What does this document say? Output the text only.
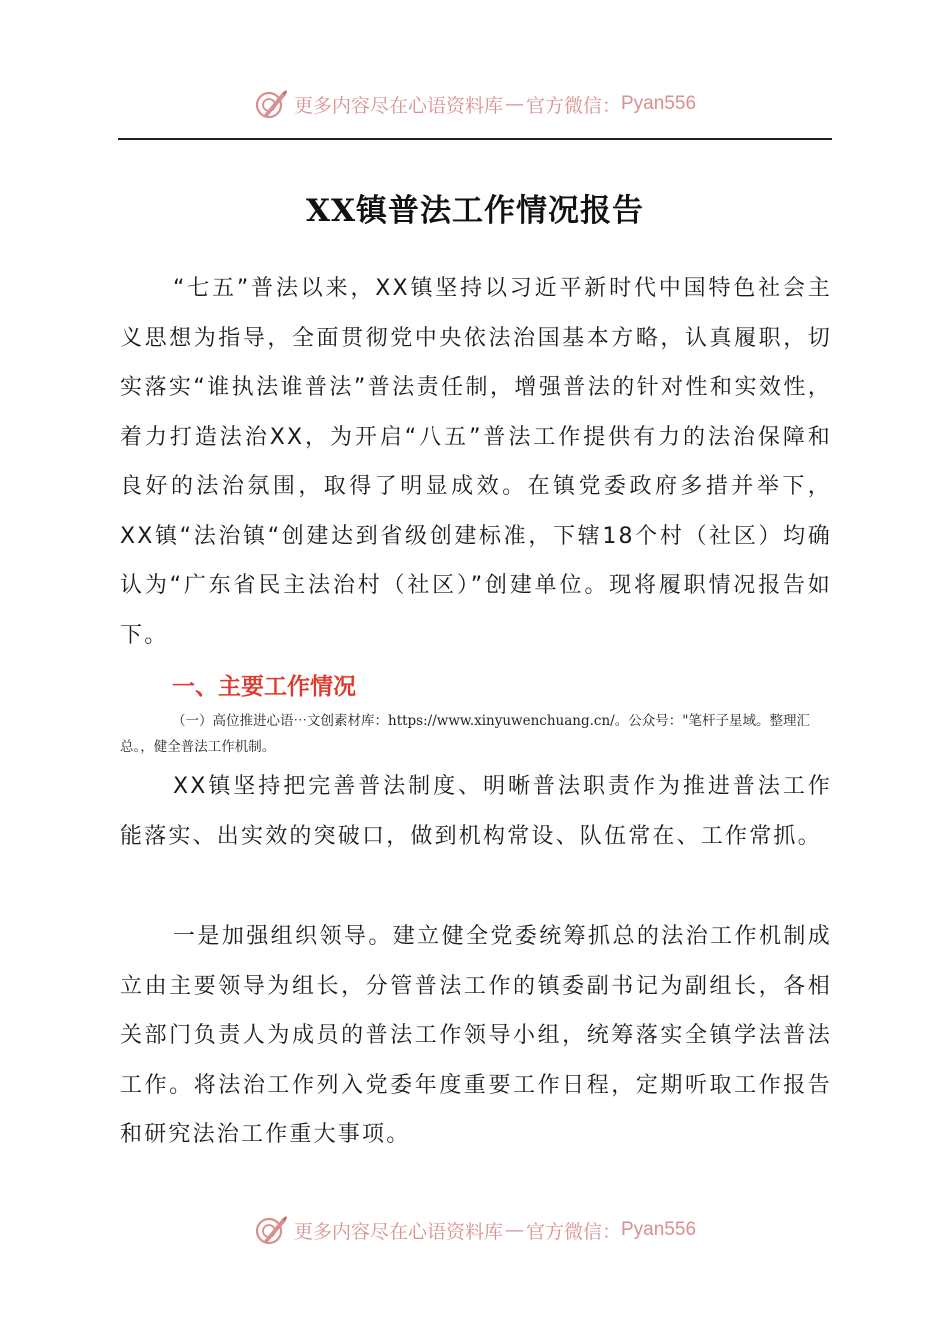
更多内容尽在心语资料库 — 官方微信： Pyan556
XX镇普法工作情况报告
“七五”普法以来，XX镇坚持以习近平新时代中国特色社会主义思想为指导，全面贯彻党中央依法治国基本方略，认真履职，切实落实“谁执法谁普法”普法责任制，增强普法的针对性和实效性，着力打造法治XX，为开启“八五”普法工作提供有力的法治保障和良好的法治氛围，取得了明显成效。在镇党委政府多措并举下，XX镇“法治镇“创建达到省级创建标准，下辖18个村（社区）均确认为“广东省民主法治村（社区）”创建单位。现将履职情况报告如下。
一、主要工作情况
（一）高位推进心语⋯文创素材库：https://www.xinyuwenchuang.cn/。公众号："笔杆子星域。整理汇总。，健全普法工作机制。
XX镇坚持把完善普法制度、明晰普法职责作为推进普法工作能落实、出实效的突破口，做到机构常设、队伍常在、工作常抓。
一是加强组织领导。建立健全党委统筹抓总的法治工作机制成立由主要领导为组长，分管普法工作的镇委副书记为副组长，各相关部门负责人为成员的普法工作领导小组，统筹落实全镇学法普法工作。将法治工作列入党委年度重要工作日程，定期听取工作报告和研究法治工作重大事项。
更多内容尽在心语资料库 — 官方微信： Pyan556
